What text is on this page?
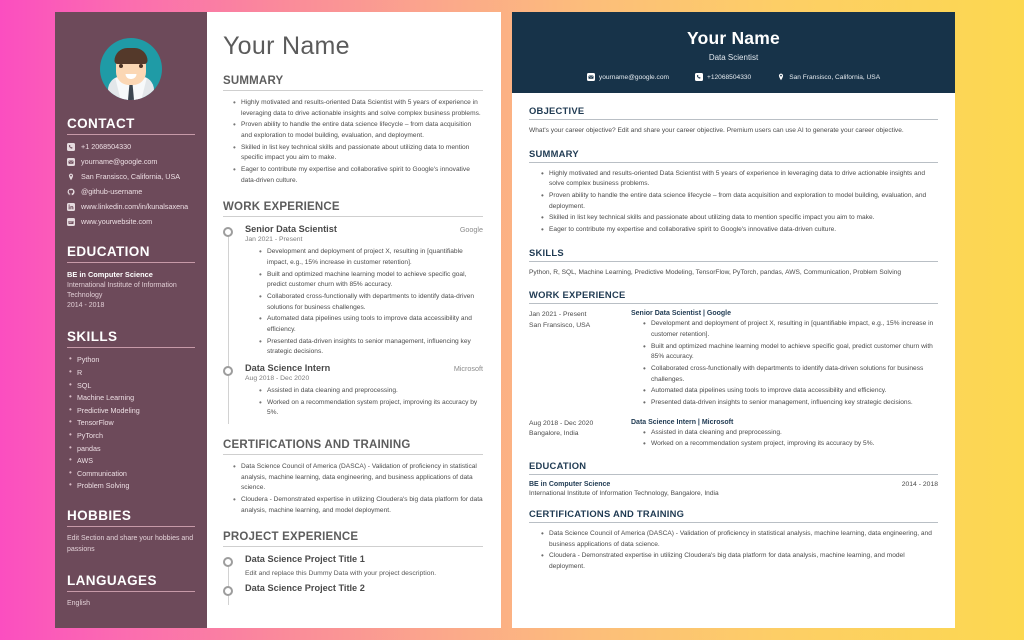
CONTACT
+1 2068504330
yourname@google.com
San Fransisco, California, USA
@github-username
www.linkedin.com/in/kunalsaxena
www.yourwebsite.com
EDUCATION
BE in Computer Science
International Institute of Information Technology
2014 - 2018
SKILLS
• Python
• R
• SQL
• Machine Learning
• Predictive Modeling
• TensorFlow
• PyTorch
• pandas
• AWS
• Communication
• Problem Solving
HOBBIES
Edit Section and share your hobbies and passions
LANGUAGES
English
Your Name
SUMMARY
• Highly motivated and results-oriented Data Scientist with 5 years of experience in leveraging data to drive actionable insights and solve complex business problems.
• Proven ability to handle the entire data science lifecycle – from data acquisition and exploration to model building, evaluation, and deployment.
• Skilled in list key technical skills and passionate about utilizing data to mention specific impact you aim to make.
• Eager to contribute my expertise and collaborative spirit to Google's innovative data-driven culture.
WORK EXPERIENCE
Senior Data Scientist	Google
Jan 2021 - Present
• Development and deployment of project X, resulting in [quantifiable impact, e.g., 15% increase in customer retention].
• Built and optimized machine learning model to achieve specific goal, predict customer churn with 85% accuracy.
• Collaborated cross-functionally with departments to identify data-driven solutions for business challenges.
• Automated data pipelines using tools to improve data accessibility and efficiency.
• Presented data-driven insights to senior management, influencing key strategic decisions.
Data Science Intern	Microsoft
Aug 2018 - Dec 2020
• Assisted in data cleaning and preprocessing.
• Worked on a recommendation system project, improving its accuracy by 5%.
CERTIFICATIONS AND TRAINING
• Data Science Council of America (DASCA) - Validation of proficiency in statistical analysis, machine learning, data engineering, and business applications of data science.
• Cloudera - Demonstrated expertise in utilizing Cloudera's big data platform for data analysis, machine learning, and model deployment.
PROJECT EXPERIENCE
Data Science Project Title 1
Edit and replace this Dummy Data with your project description.
Data Science Project Title 2
Your Name
Data Scientist
yourname@google.com	+12068504330	San Fransisco, California, USA
OBJECTIVE
What's your career objective? Edit and share your career objective. Premium users can use AI to generate your career objective.
SUMMARY
• Highly motivated and results-oriented Data Scientist with 5 years of experience in leveraging data to drive actionable insights and solve complex business problems.
• Proven ability to handle the entire data science lifecycle – from data acquisition and exploration to model building, evaluation, and deployment.
• Skilled in list key technical skills and passionate about utilizing data to mention specific impact you aim to make.
• Eager to contribute my expertise and collaborative spirit to Google's innovative data-driven culture.
SKILLS
Python, R, SQL, Machine Learning, Predictive Modeling, TensorFlow, PyTorch, pandas, AWS, Communication, Problem Solving
WORK EXPERIENCE
Jan 2021 - Present
San Fransisco, USA
Senior Data Scientist | Google
• Development and deployment of project X, resulting in [quantifiable impact, e.g., 15% increase in customer retention].
• Built and optimized machine learning model to achieve specific goal, predict customer churn with 85% accuracy.
• Collaborated cross-functionally with departments to identify data-driven solutions for business challenges.
• Automated data pipelines using tools to improve data accessibility and efficiency.
• Presented data-driven insights to senior management, influencing key strategic decisions.
Aug 2018 - Dec 2020
Bangalore, India
Data Science Intern | Microsoft
• Assisted in data cleaning and preprocessing.
• Worked on a recommendation system project, improving its accuracy by 5%.
EDUCATION
BE in Computer Science	2014 - 2018
International Institute of Information Technology, Bangalore, India
CERTIFICATIONS AND TRAINING
• Data Science Council of America (DASCA) - Validation of proficiency in statistical analysis, machine learning, data engineering, and business applications of data science.
• Cloudera - Demonstrated expertise in utilizing Cloudera's big data platform for data analysis, machine learning, and model deployment.
